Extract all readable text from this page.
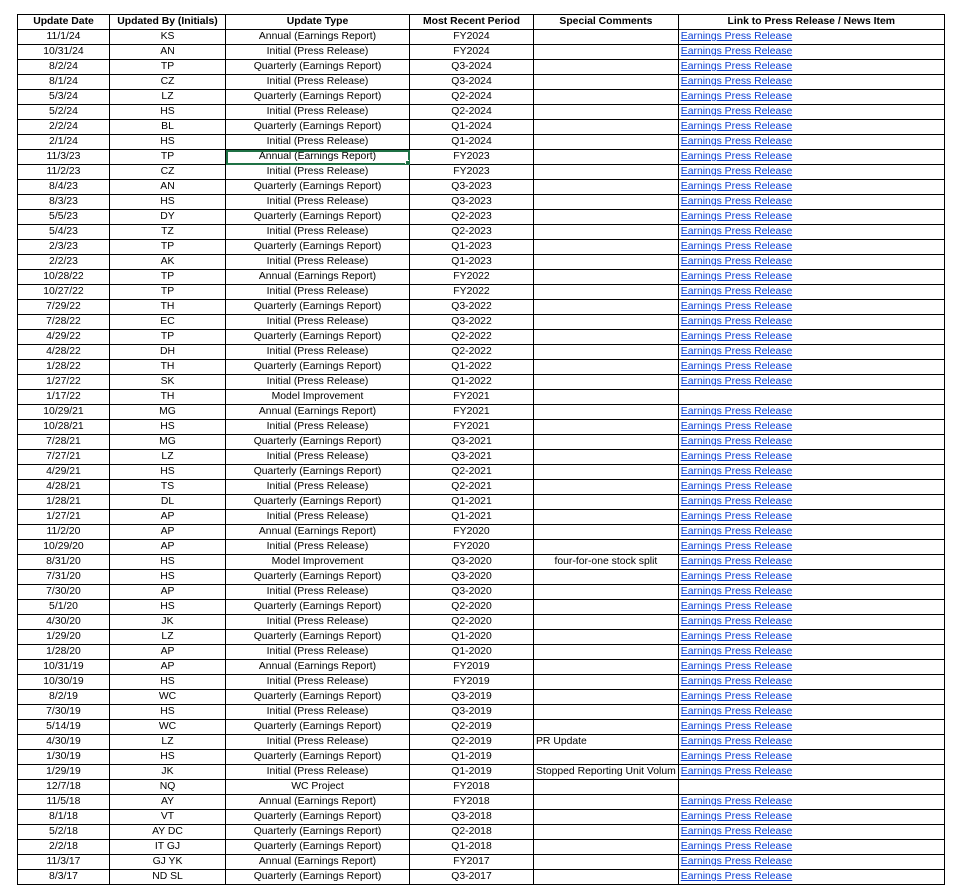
Update Date	Updated By (Initials)	Update Type	Most Recent Period	Special Comments	Link to Press Release / News Item
11/1/24	KS	Annual (Earnings Report)	FY2024		Earnings Press Release
10/31/24	AN	Initial (Press Release)	FY2024		Earnings Press Release
8/2/24	TP	Quarterly (Earnings Report)	Q3-2024		Earnings Press Release
8/1/24	CZ	Initial (Press Release)	Q3-2024		Earnings Press Release
5/3/24	LZ	Quarterly (Earnings Report)	Q2-2024		Earnings Press Release
5/2/24	HS	Initial (Press Release)	Q2-2024		Earnings Press Release
2/2/24	BL	Quarterly (Earnings Report)	Q1-2024		Earnings Press Release
2/1/24	HS	Initial (Press Release)	Q1-2024		Earnings Press Release
11/3/23	TP	Annual (Earnings Report)	FY2023		Earnings Press Release
11/2/23	CZ	Initial (Press Release)	FY2023		Earnings Press Release
8/4/23	AN	Quarterly (Earnings Report)	Q3-2023		Earnings Press Release
8/3/23	HS	Initial (Press Release)	Q3-2023		Earnings Press Release
5/5/23	DY	Quarterly (Earnings Report)	Q2-2023		Earnings Press Release
5/4/23	TZ	Initial (Press Release)	Q2-2023		Earnings Press Release
2/3/23	TP	Quarterly (Earnings Report)	Q1-2023		Earnings Press Release
2/2/23	AK	Initial (Press Release)	Q1-2023		Earnings Press Release
10/28/22	TP	Annual (Earnings Report)	FY2022		Earnings Press Release
10/27/22	TP	Initial (Press Release)	FY2022		Earnings Press Release
7/29/22	TH	Quarterly (Earnings Report)	Q3-2022		Earnings Press Release
7/28/22	EC	Initial (Press Release)	Q3-2022		Earnings Press Release
4/29/22	TP	Quarterly (Earnings Report)	Q2-2022		Earnings Press Release
4/28/22	DH	Initial (Press Release)	Q2-2022		Earnings Press Release
1/28/22	TH	Quarterly (Earnings Report)	Q1-2022		Earnings Press Release
1/27/22	SK	Initial (Press Release)	Q1-2022		Earnings Press Release
1/17/22	TH	Model Improvement	FY2021		
10/29/21	MG	Annual (Earnings Report)	FY2021		Earnings Press Release
10/28/21	HS	Initial (Press Release)	FY2021		Earnings Press Release
7/28/21	MG	Quarterly (Earnings Report)	Q3-2021		Earnings Press Release
7/27/21	LZ	Initial (Press Release)	Q3-2021		Earnings Press Release
4/29/21	HS	Quarterly (Earnings Report)	Q2-2021		Earnings Press Release
4/28/21	TS	Initial (Press Release)	Q2-2021		Earnings Press Release
1/28/21	DL	Quarterly (Earnings Report)	Q1-2021		Earnings Press Release
1/27/21	AP	Initial (Press Release)	Q1-2021		Earnings Press Release
11/2/20	AP	Annual (Earnings Report)	FY2020		Earnings Press Release
10/29/20	AP	Initial (Press Release)	FY2020		Earnings Press Release
8/31/20	HS	Model Improvement	Q3-2020	four-for-one stock split	Earnings Press Release
7/31/20	HS	Quarterly (Earnings Report)	Q3-2020		Earnings Press Release
7/30/20	AP	Initial (Press Release)	Q3-2020		Earnings Press Release
5/1/20	HS	Quarterly (Earnings Report)	Q2-2020		Earnings Press Release
4/30/20	JK	Initial (Press Release)	Q2-2020		Earnings Press Release
1/29/20	LZ	Quarterly (Earnings Report)	Q1-2020		Earnings Press Release
1/28/20	AP	Initial (Press Release)	Q1-2020		Earnings Press Release
10/31/19	AP	Annual (Earnings Report)	FY2019		Earnings Press Release
10/30/19	HS	Initial (Press Release)	FY2019		Earnings Press Release
8/2/19	WC	Quarterly (Earnings Report)	Q3-2019		Earnings Press Release
7/30/19	HS	Initial (Press Release)	Q3-2019		Earnings Press Release
5/14/19	WC	Quarterly (Earnings Report)	Q2-2019		Earnings Press Release
4/30/19	LZ	Initial (Press Release)	Q2-2019	PR Update	Earnings Press Release
1/30/19	HS	Quarterly (Earnings Report)	Q1-2019		Earnings Press Release
1/29/19	JK	Initial (Press Release)	Q1-2019	Stopped Reporting Unit Volum	Earnings Press Release
12/7/18	NQ	WC Project	FY2018		
11/5/18	AY	Annual (Earnings Report)	FY2018		Earnings Press Release
8/1/18	VT	Quarterly (Earnings Report)	Q3-2018		Earnings Press Release
5/2/18	AY DC	Quarterly (Earnings Report)	Q2-2018		Earnings Press Release
2/2/18	IT GJ	Quarterly (Earnings Report)	Q1-2018		Earnings Press Release
11/3/17	GJ YK	Annual (Earnings Report)	FY2017		Earnings Press Release
8/3/17	ND SL	Quarterly (Earnings Report)	Q3-2017		Earnings Press Release
